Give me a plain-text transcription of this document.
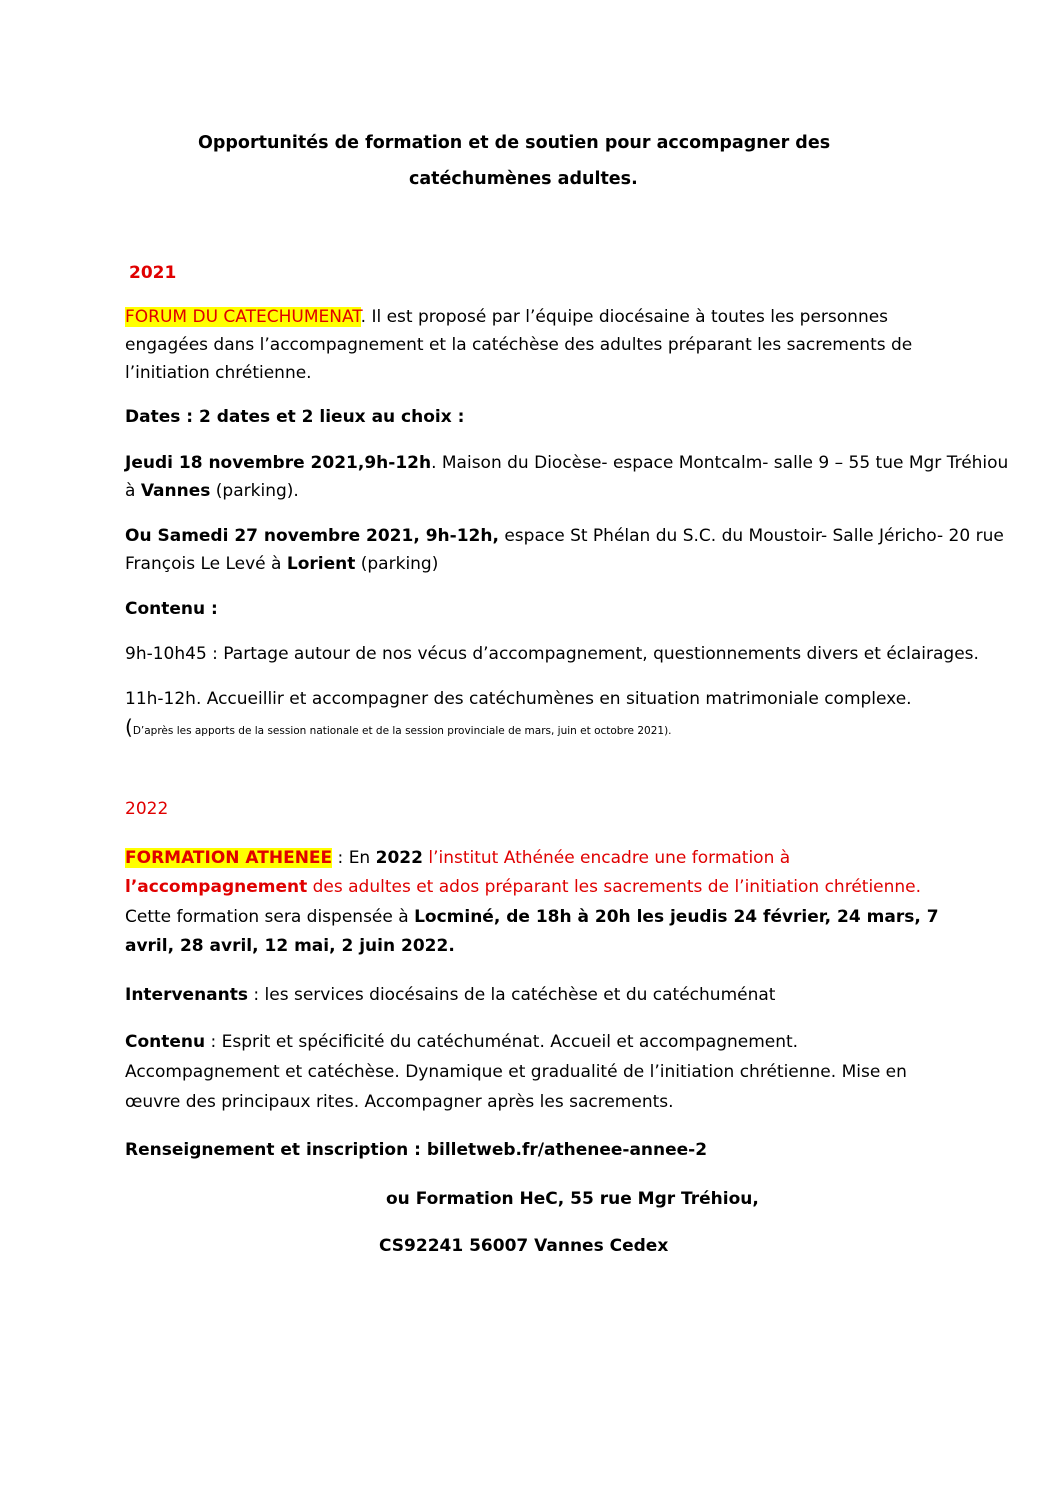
Opportunités de formation et de soutien pour accompagner des
catéchumènes adultes.
2021
FORUM DU CATECHUMENAT. Il est proposé par l’équipe diocésaine à toutes les personnes
engagées dans l’accompagnement et la catéchèse des adultes préparant les sacrements de
l’initiation chrétienne.
Dates : 2 dates et 2 lieux au choix :
Jeudi 18 novembre 2021,9h-12h. Maison du Diocèse- espace Montcalm- salle 9 – 55 tue Mgr Tréhiou
à Vannes (parking).
Ou Samedi 27 novembre 2021, 9h-12h, espace St Phélan du S.C. du Moustoir- Salle Jéricho- 20 rue
François Le Levé à Lorient (parking)
Contenu :
9h-10h45 : Partage autour de nos vécus d’accompagnement, questionnements divers et éclairages.
11h-12h. Accueillir et accompagner des catéchumènes en situation matrimoniale complexe.
(D’après les apports de la session nationale et de la session provinciale de mars, juin et octobre 2021).
2022
FORMATION ATHENEE : En 2022 l’institut Athénée encadre une formation à
l’accompagnement des adultes et ados préparant les sacrements de l’initiation chrétienne.
Cette formation sera dispensée à Locminé, de 18h à 20h les jeudis 24 février, 24 mars, 7
avril, 28 avril, 12 mai, 2 juin 2022.
Intervenants : les services diocésains de la catéchèse et du catéchuménat
Contenu : Esprit et spécificité du catéchuménat. Accueil et accompagnement.
Accompagnement et catéchèse. Dynamique et gradualité de l’initiation chrétienne. Mise en
œuvre des principaux rites. Accompagner après les sacrements.
Renseignement et inscription : billetweb.fr/athenee-annee-2
ou Formation HeC, 55 rue Mgr Tréhiou,
CS92241 56007 Vannes Cedex
